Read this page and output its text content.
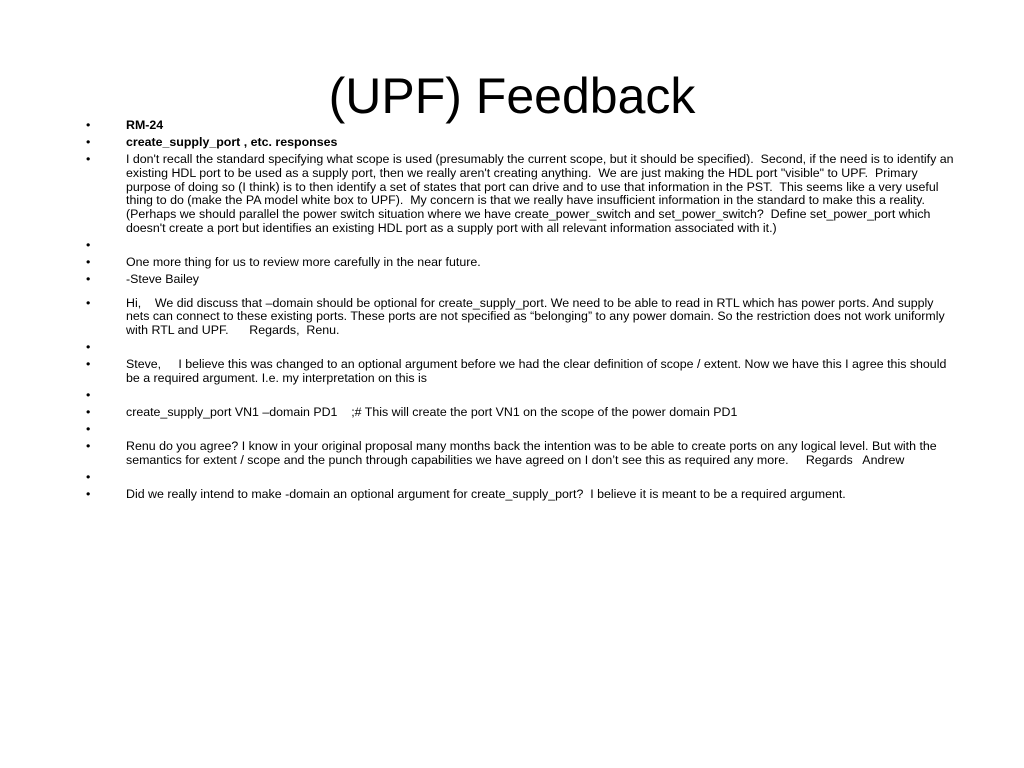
(UPF) Feedback
•	RM-24
•	create_supply_port , etc. responses
•	I don't recall the standard specifying what scope is used (presumably the current scope, but it should be specified).  Second, if the need is to identify an existing HDL port to be used as a supply port, then we really aren't creating anything.  We are just making the HDL port "visible" to UPF.  Primary purpose of doing so (I think) is to then identify a set of states that port can drive and to use that information in the PST.  This seems like a very useful thing to do (make the PA model white box to UPF).  My concern is that we really have insufficient information in the standard to make this a reality.  (Perhaps we should parallel the power switch situation where we have create_power_switch and set_power_switch?  Define set_power_port which doesn't create a port but identifies an existing HDL port as a supply port with all relevant information associated with it.)
•
•	One more thing for us to review more carefully in the near future.
•	-Steve Bailey
•	Hi,    We did discuss that –domain should be optional for create_supply_port. We need to be able to read in RTL which has power ports. And supply nets can connect to these existing ports. These ports are not specified as “belonging” to any power domain. So the restriction does not work uniformly with RTL and UPF.      Regards,  Renu.
•
•	Steve,     I believe this was changed to an optional argument before we had the clear definition of scope / extent. Now we have this I agree this should be a required argument. I.e. my interpretation on this is
•
•	create_supply_port VN1 –domain PD1    ;# This will create the port VN1 on the scope of the power domain PD1
•
•	Renu do you agree? I know in your original proposal many months back the intention was to be able to create ports on any logical level. But with the semantics for extent / scope and the punch through capabilities we have agreed on I don’t see this as required any more.     Regards   Andrew
•
•	Did we really intend to make -domain an optional argument for create_supply_port?  I believe it is meant to be a required argument.
